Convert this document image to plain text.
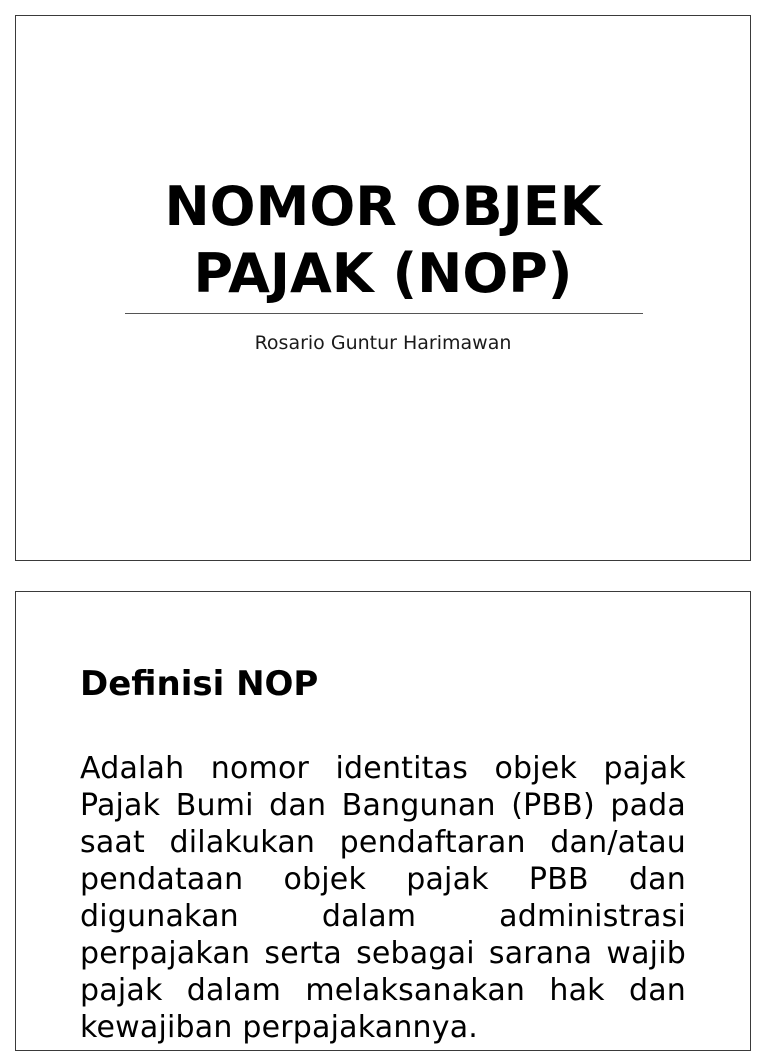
NOMOR OBJEK
PAJAK (NOP)
Rosario Guntur Harimawan
Definisi NOP

Adalah nomor identitas objek pajak Pajak Bumi dan Bangunan (PBB) pada saat dilakukan pendaftaran dan/atau pendataan objek pajak PBB dan digunakan dalam administrasi perpajakan serta sebagai sarana wajib pajak dalam melaksanakan hak dan kewajiban perpajakannya.
